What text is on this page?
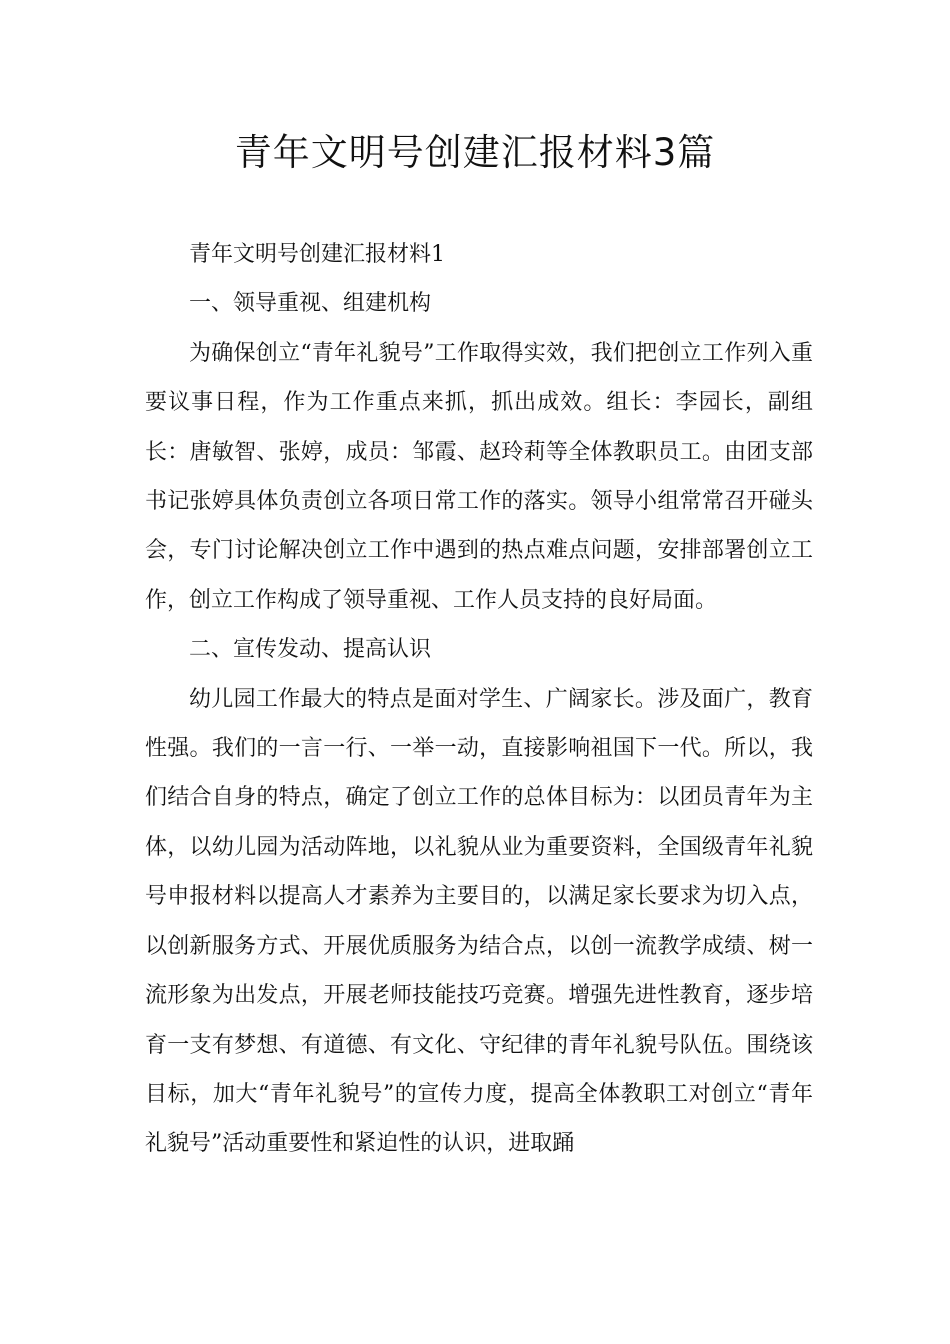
青年文明号创建汇报材料3篇

青年文明号创建汇报材料1

一、领导重视、组建机构

为确保创立“青年礼貌号”工作取得实效，我们把创立工作列入重要议事日程，作为工作重点来抓，抓出成效。组长：李园长，副组长：唐敏智、张婷，成员：邹霞、赵玲莉等全体教职员工。由团支部书记张婷具体负责创立各项日常工作的落实。领导小组常常召开碰头会，专门讨论解决创立工作中遇到的热点难点问题，安排部署创立工作，创立工作构成了领导重视、工作人员支持的良好局面。

二、宣传发动、提高认识

幼儿园工作最大的特点是面对学生、广阔家长。涉及面广，教育性强。我们的一言一行、一举一动，直接影响祖国下一代。所以，我们结合自身的特点，确定了创立工作的总体目标为：以团员青年为主体，以幼儿园为活动阵地，以礼貌从业为重要资料，全国级青年礼貌号申报材料以提高人才素养为主要目的，以满足家长要求为切入点，以创新服务方式、开展优质服务为结合点，以创一流教学成绩、树一流形象为出发点，开展老师技能技巧竞赛。增强先进性教育，逐步培育一支有梦想、有道德、有文化、守纪律的青年礼貌号队伍。围绕该目标，加大“青年礼貌号”的宣传力度，提高全体教职工对创立“青年礼貌号”活动重要性和紧迫性的认识，进取踊
